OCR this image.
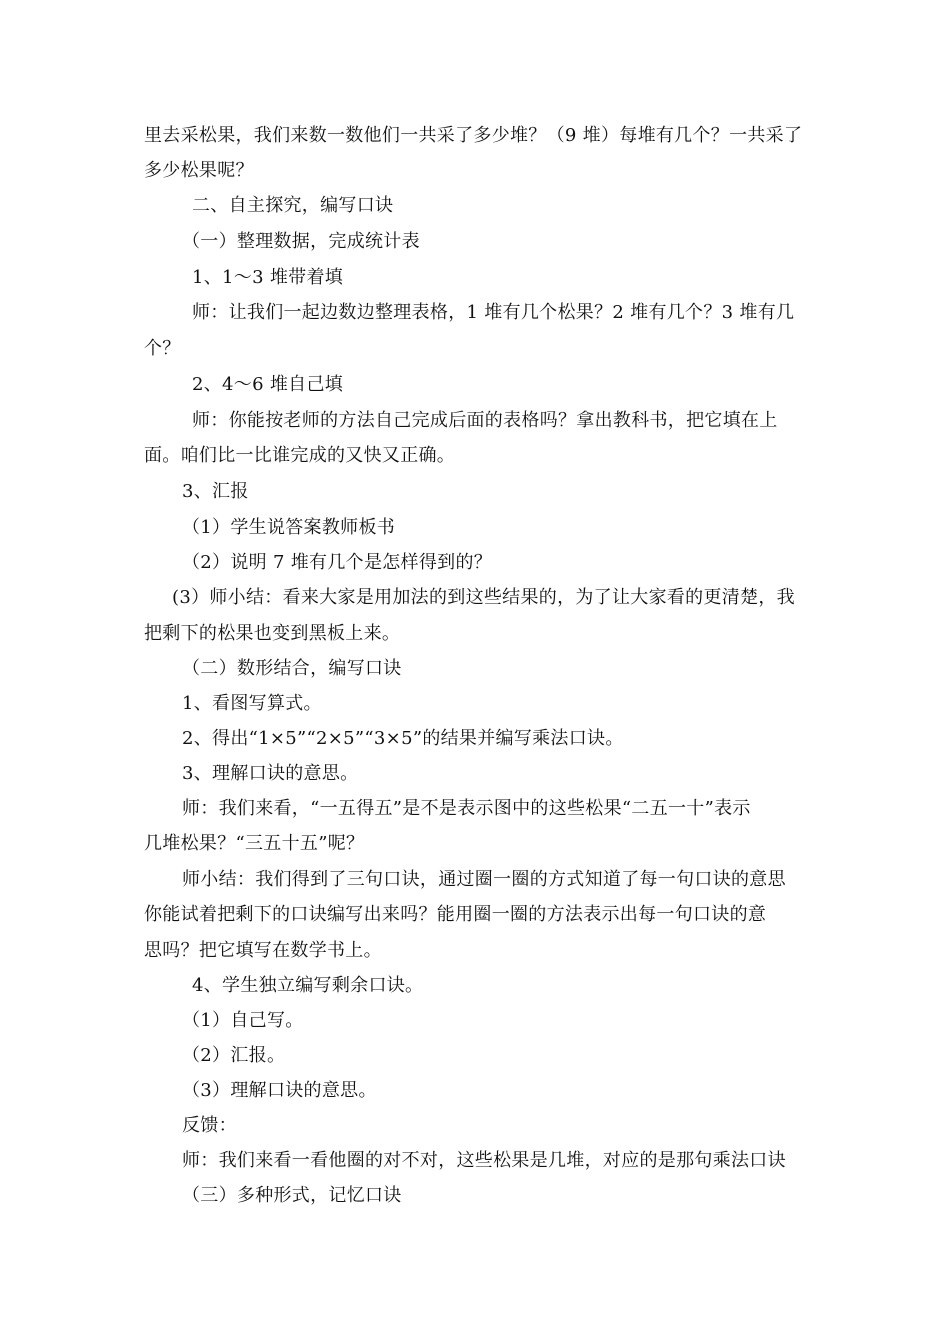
里去采松果，我们来数一数他们一共采了多少堆？（9 堆）每堆有几个？一共采了
多少松果呢？
二、自主探究，编写口诀
（一）整理数据，完成统计表
1、1～3 堆带着填
师：让我们一起边数边整理表格，1 堆有几个松果？2 堆有几个？3 堆有几
个？
2、4～6 堆自己填
师：你能按老师的方法自己完成后面的表格吗？拿出教科书，把它填在上
面。咱们比一比谁完成的又快又正确。
3、汇报
（1）学生说答案教师板书
（2）说明 7 堆有几个是怎样得到的？
(3）师小结：看来大家是用加法的到这些结果的，为了让大家看的更清楚，我
把剩下的松果也变到黑板上来。
（二）数形结合，编写口诀
1、看图写算式。
2、得出“1×5”“2×5”“3×5”的结果并编写乘法口诀。
3、理解口诀的意思。
师：我们来看，“一五得五”是不是表示图中的这些松果“二五一十”表示
几堆松果？“三五十五”呢？
师小结：我们得到了三句口诀，通过圈一圈的方式知道了每一句口诀的意思
你能试着把剩下的口诀编写出来吗？能用圈一圈的方法表示出每一句口诀的意
思吗？把它填写在数学书上。
4、学生独立编写剩余口诀。
（1）自己写。
（2）汇报。
（3）理解口诀的意思。
反馈：
师：我们来看一看他圈的对不对，这些松果是几堆，对应的是那句乘法口诀
（三）多种形式，记忆口诀
